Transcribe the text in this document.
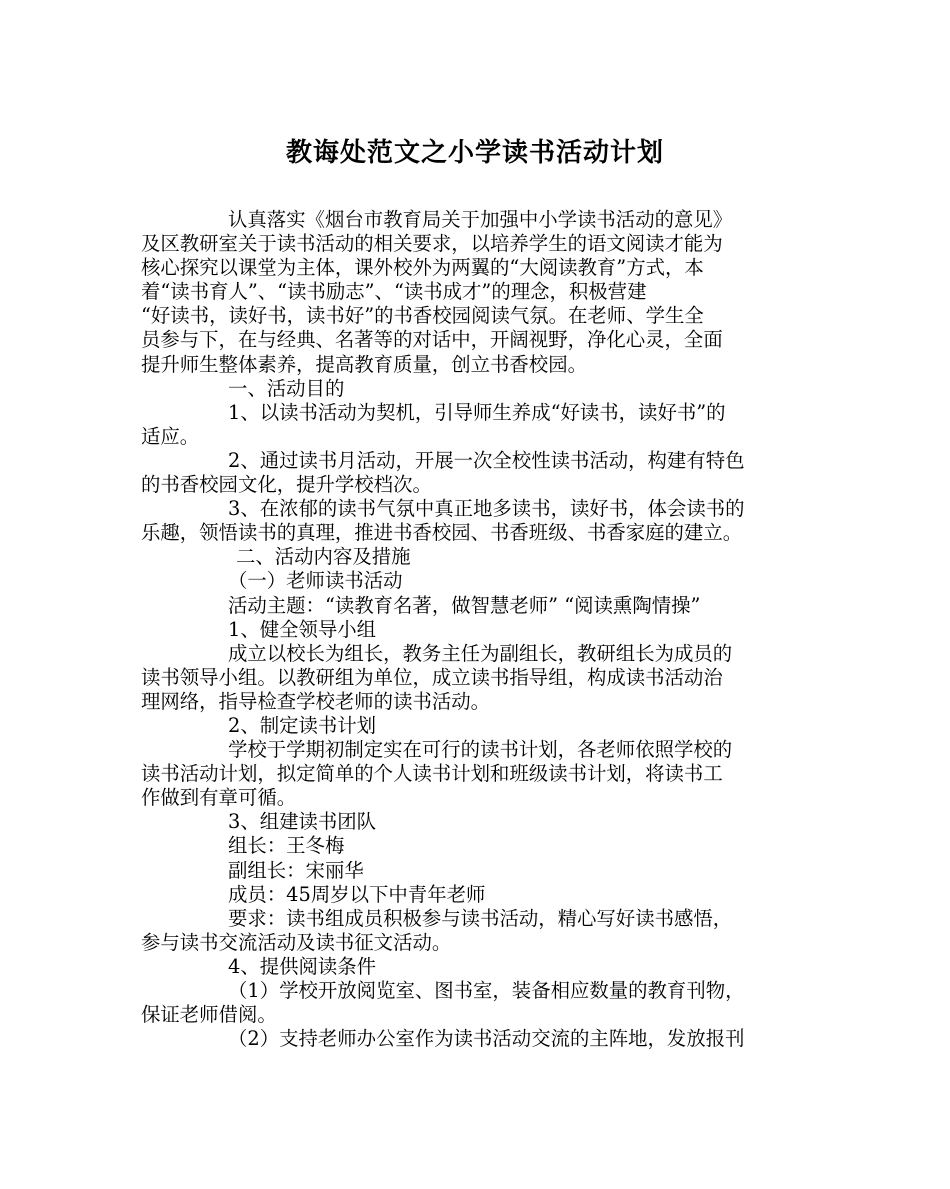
教诲处范文之小学读书活动计划
认真落实《烟台市教育局关于加强中小学读书活动的意见》
及区教研室关于读书活动的相关要求，以培养学生的语文阅读才能为
核心探究以课堂为主体，课外校外为两翼的“大阅读教育”方式，本
着“读书育人”、“读书励志”、“读书成才”的理念，积极营建
“好读书，读好书，读书好”的书香校园阅读气氛。在老师、学生全
员参与下，在与经典、名著等的对话中，开阔视野，净化心灵，全面
提升师生整体素养，提高教育质量，创立书香校园。
一、活动目的
1、以读书活动为契机，引导师生养成“好读书，读好书”的
适应。
2、通过读书月活动，开展一次全校性读书活动，构建有特色
的书香校园文化，提升学校档次。
3、在浓郁的读书气氛中真正地多读书，读好书，体会读书的
乐趣，领悟读书的真理，推进书香校园、书香班级、书香家庭的建立。
二、活动内容及措施
（一）老师读书活动
活动主题：“读教育名著，做智慧老师” “阅读熏陶情操”
1、健全领导小组
成立以校长为组长，教务主任为副组长，教研组长为成员的
读书领导小组。以教研组为单位，成立读书指导组，构成读书活动治
理网络，指导检查学校老师的读书活动。
2、制定读书计划
学校于学期初制定实在可行的读书计划，各老师依照学校的
读书活动计划，拟定简单的个人读书计划和班级读书计划，将读书工
作做到有章可循。
3、组建读书团队
组长：王冬梅
副组长：宋丽华
成员：45周岁以下中青年老师
要求：读书组成员积极参与读书活动，精心写好读书感悟，
参与读书交流活动及读书征文活动。
4、提供阅读条件
（1）学校开放阅览室、图书室，装备相应数量的教育刊物，
保证老师借阅。
（2）支持老师办公室作为读书活动交流的主阵地，发放报刊
